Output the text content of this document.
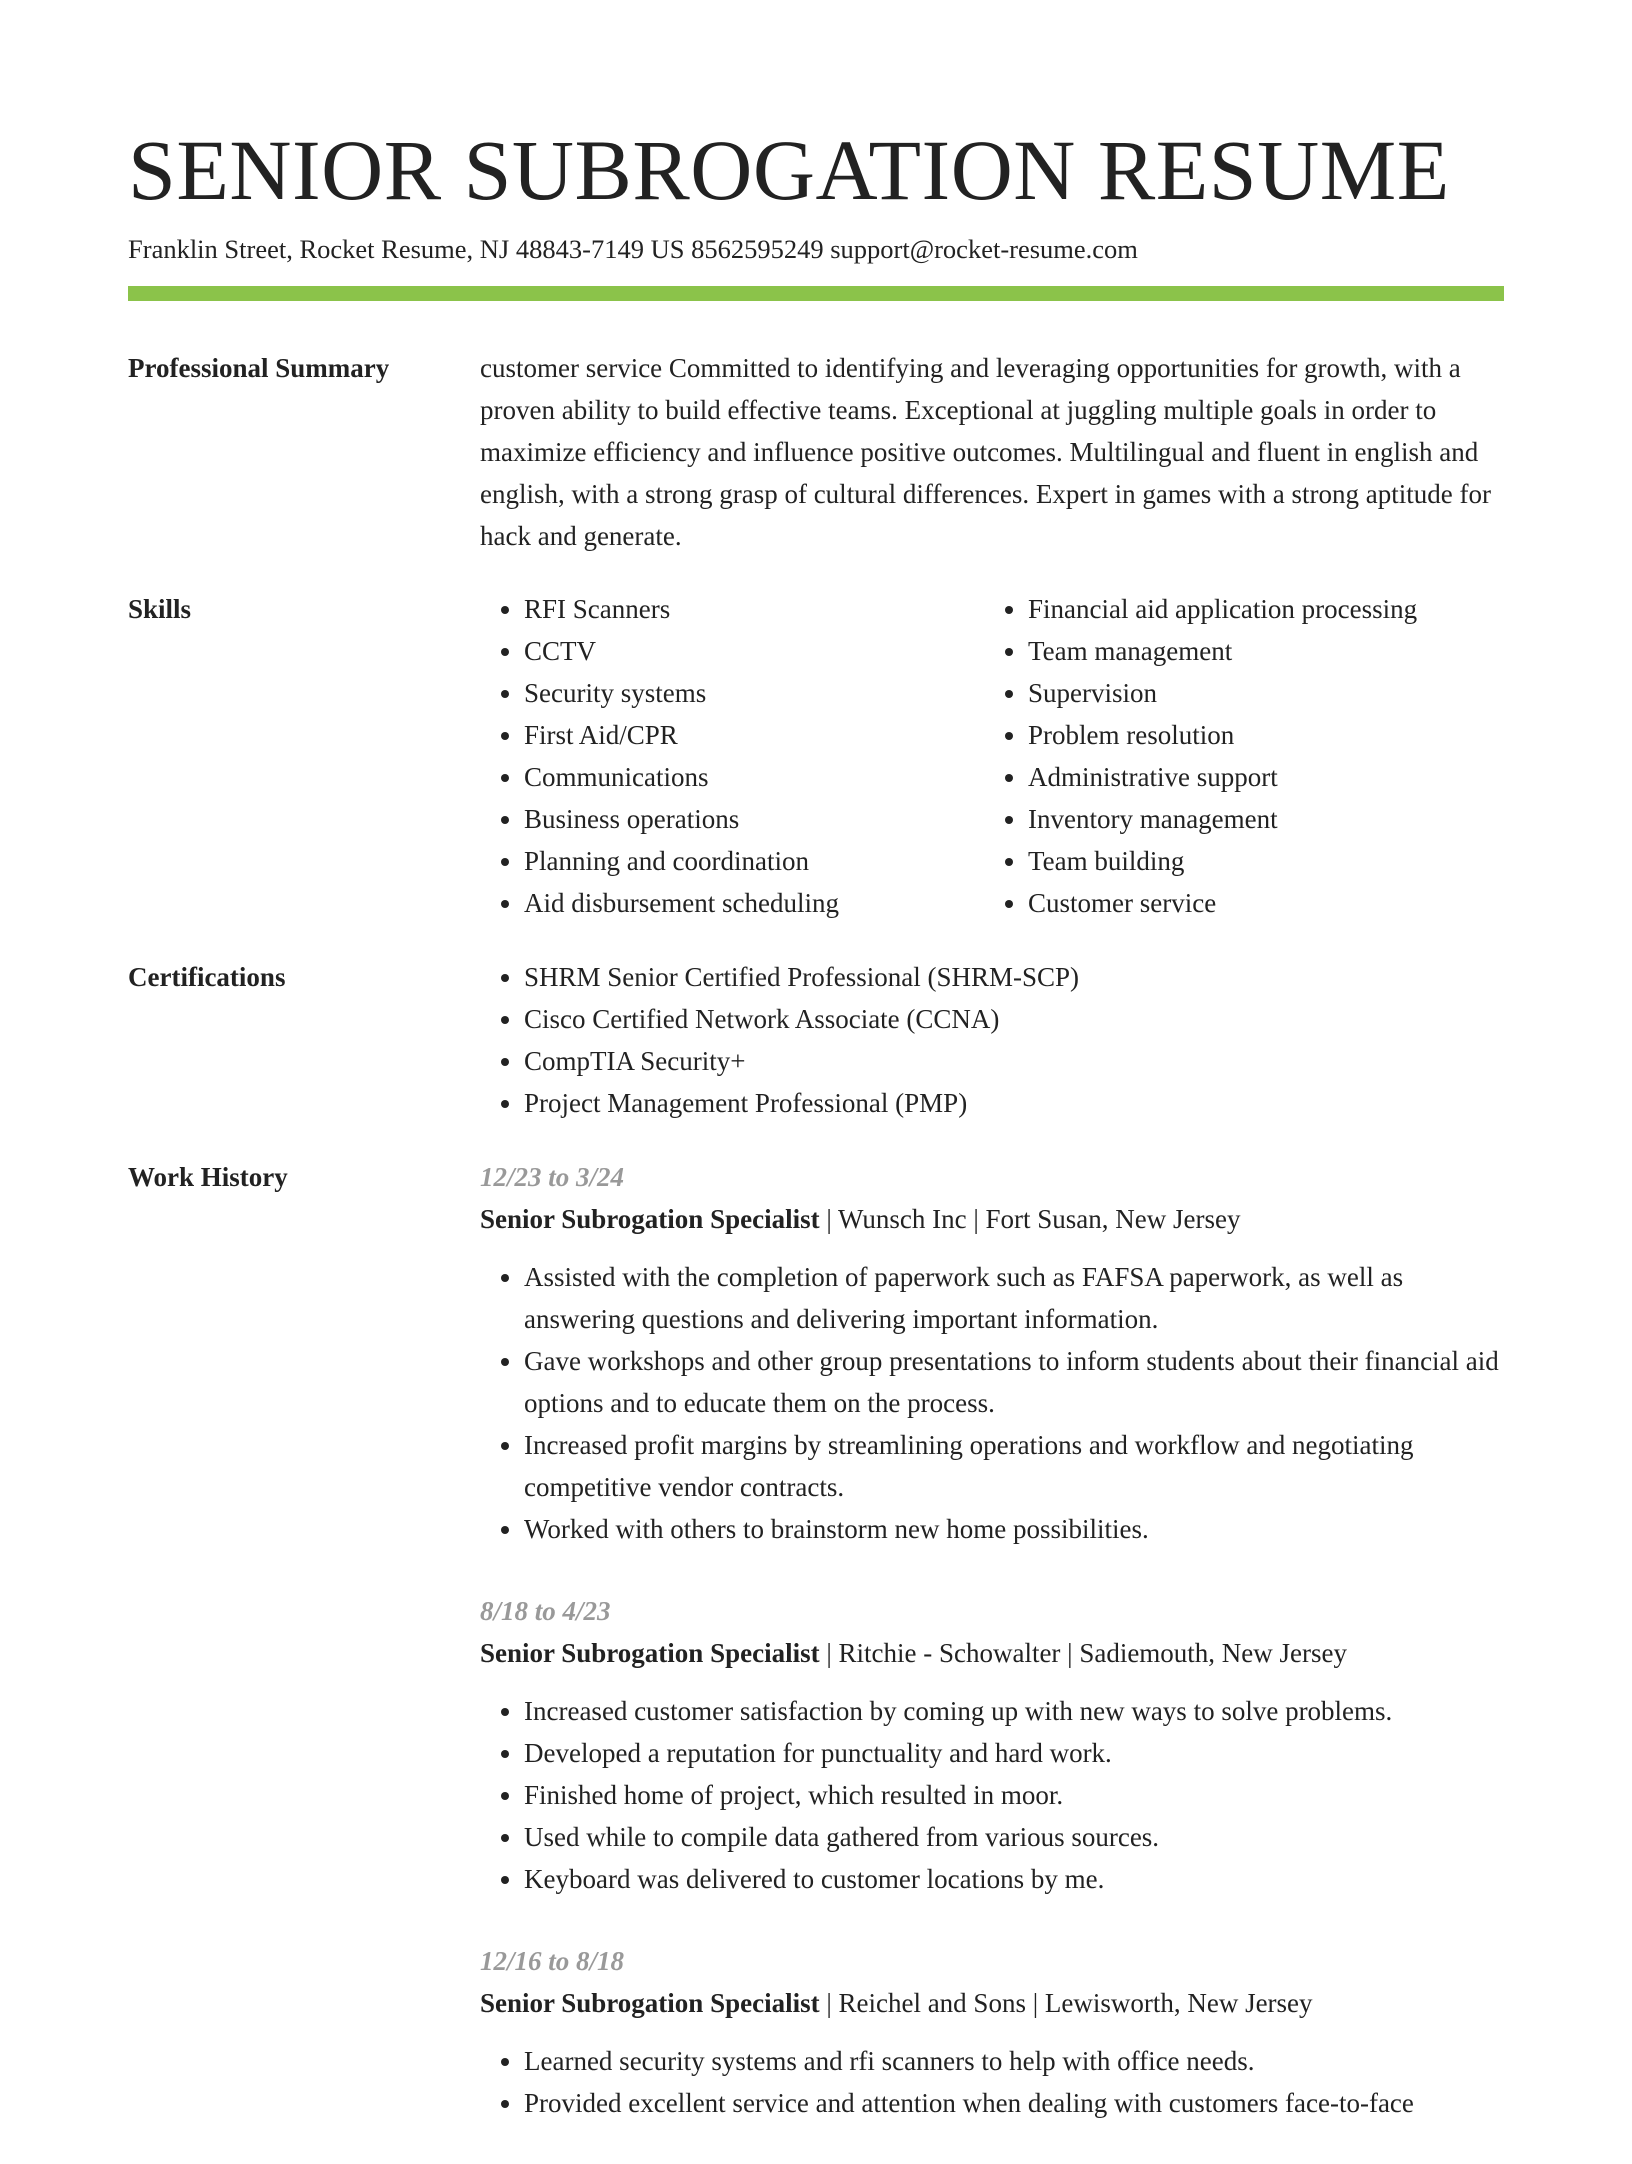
SENIOR SUBROGATION RESUME
Franklin Street, Rocket Resume, NJ 48843-7149 US 8562595249 support@rocket-resume.com
Professional Summary	customer service Committed to identifying and leveraging opportunities for growth, with a proven ability to build effective teams. Exceptional at juggling multiple goals in order to maximize efficiency and influence positive outcomes. Multilingual and fluent in english and english, with a strong grasp of cultural differences. Expert in games with a strong aptitude for hack and generate.
Skills	• RFI Scanners
• CCTV
• Security systems
• First Aid/CPR
• Communications
• Business operations
• Planning and coordination
• Aid disbursement scheduling
• Financial aid application processing
• Team management
• Supervision
• Problem resolution
• Administrative support
• Inventory management
• Team building
• Customer service
Certifications	• SHRM Senior Certified Professional (SHRM-SCP)
• Cisco Certified Network Associate (CCNA)
• CompTIA Security+
• Project Management Professional (PMP)
Work History	12/23 to 3/24
Senior Subrogation Specialist | Wunsch Inc | Fort Susan, New Jersey
• Assisted with the completion of paperwork such as FAFSA paperwork, as well as answering questions and delivering important information.
• Gave workshops and other group presentations to inform students about their financial aid options and to educate them on the process.
• Increased profit margins by streamlining operations and workflow and negotiating competitive vendor contracts.
• Worked with others to brainstorm new home possibilities.
8/18 to 4/23
Senior Subrogation Specialist | Ritchie - Schowalter | Sadiemouth, New Jersey
• Increased customer satisfaction by coming up with new ways to solve problems.
• Developed a reputation for punctuality and hard work.
• Finished home of project, which resulted in moor.
• Used while to compile data gathered from various sources.
• Keyboard was delivered to customer locations by me.
12/16 to 8/18
Senior Subrogation Specialist | Reichel and Sons | Lewisworth, New Jersey
• Learned security systems and rfi scanners to help with office needs.
• Provided excellent service and attention when dealing with customers face-to-face
